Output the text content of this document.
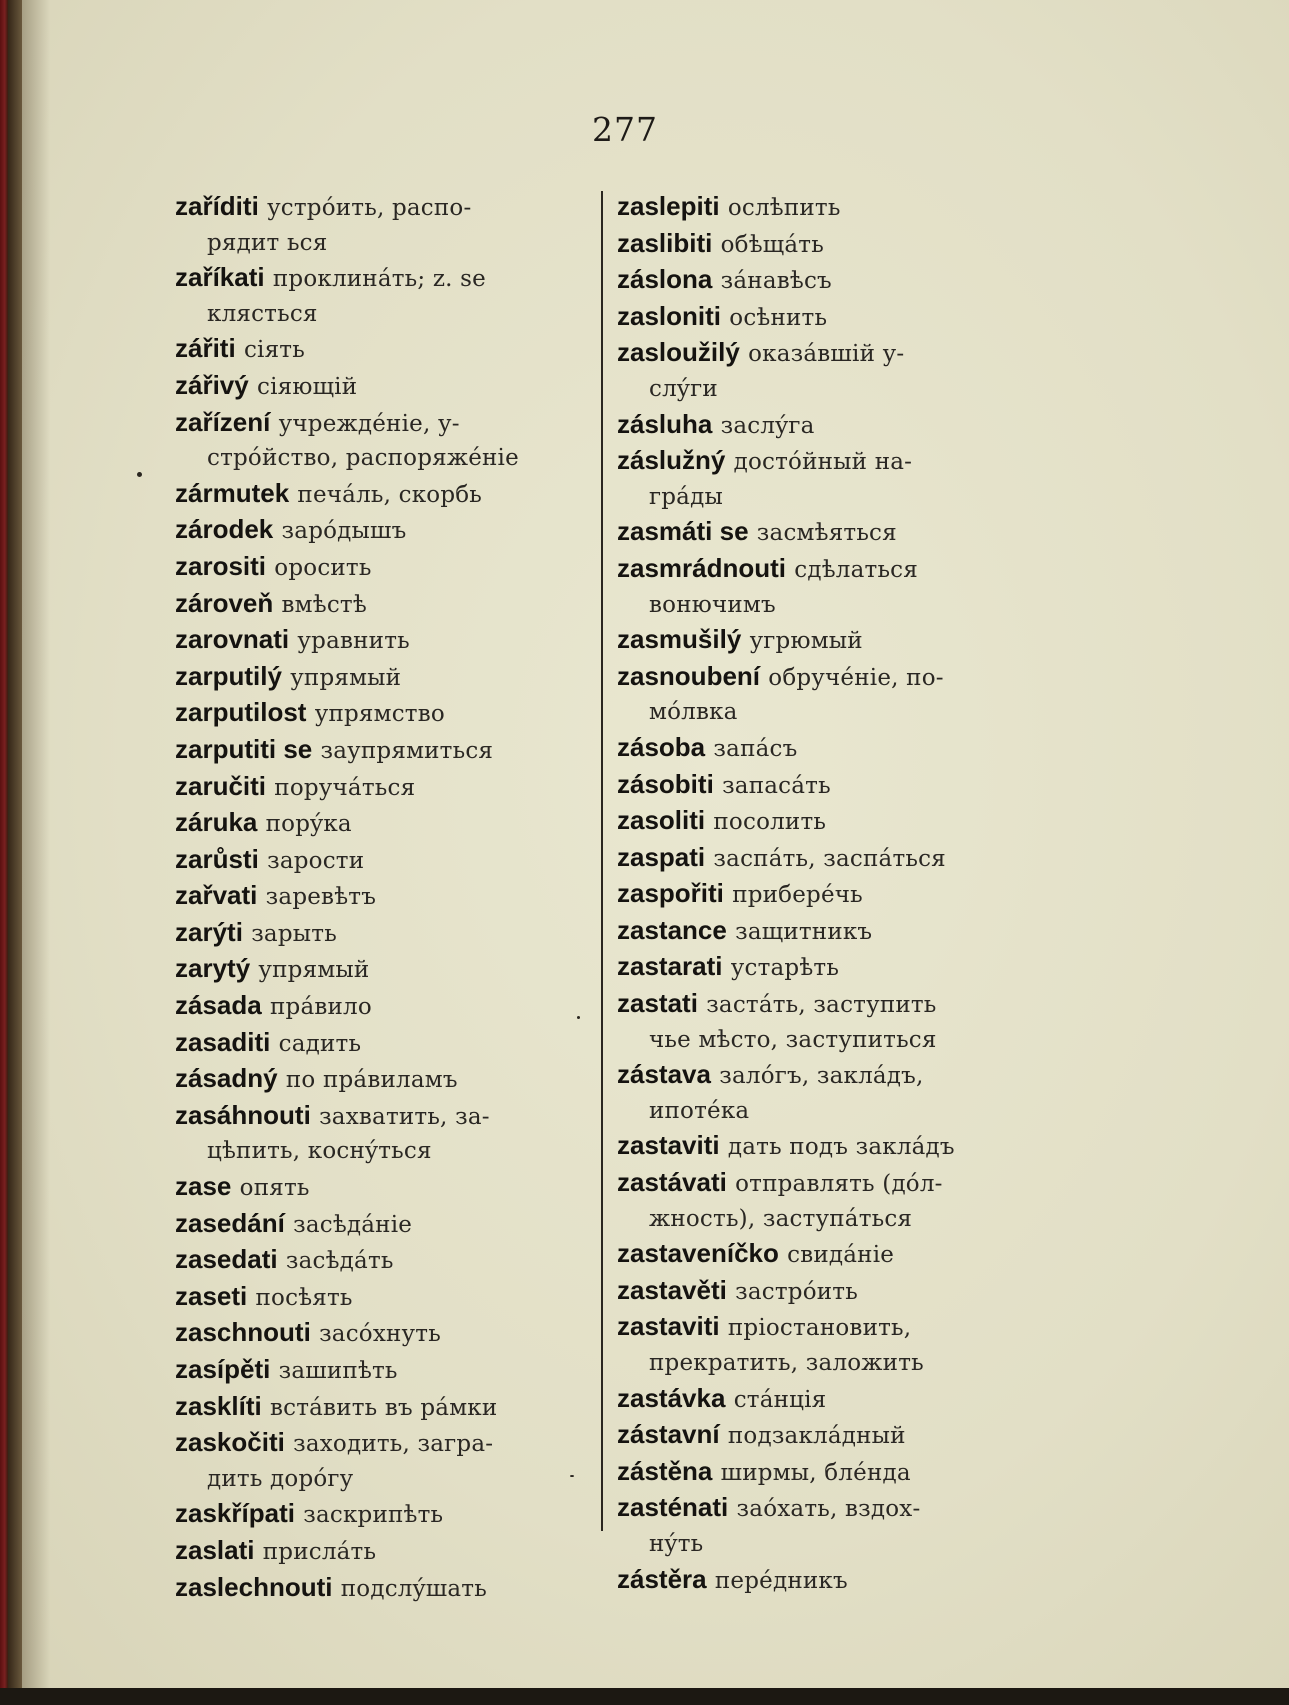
277
zaříditi устрóить, распо-
рядит ься
zaříkati проклинáть; z. se
клясться
zářiti сiять
zářivý сiяющiй
zařízení учреждéнiе, у-
стрóйство, распоряжéнiе
zármutek печáль, скорбь
zárodek зарóдышъ
zarositi оросить
zároveň вмѣстѣ
zarovnati уравнить
zarputilý упрямый
zarputilost упрямство
zarputiti se заупрямиться
zaručiti поручáться
záruka порýка
zarůsti зарости
zařvati заревѣтъ
zarýti зарыть
zarytý упрямый
zásada прáвило
zasaditi садить
zásadný по прáвиламъ
zasáhnouti захватить, за-
цѣпить, коснýться
zase опять
zasedání засѣдáнiе
zasedati засѣдáть
zaseti посѣять
zaschnouti засóхнуть
zasípěti зашипѣть
zasklíti встáвить въ рáмки
zaskočiti заходить, загра-
дить дорóгу
zaskřípati заскрипѣть
zaslati прислáть
zaslechnouti подслýшать
zaslepiti ослѣпить
zaslibiti обѣщáть
záslona зáнавѣсъ
zasloniti осѣнить
zasloužilý оказáвшiй у-
слýги
zásluha заслýга
záslužný достóйный на-
грáды
zasmáti se засмѣяться
zasmrádnouti сдѣлаться
вонючимъ
zasmušilý угрюмый
zasnoubení обручéнiе, по-
мóлвка
zásoba запáсъ
zásobiti запасáть
zasoliti посолить
zaspati заспáть, заспáться
zaspořiti приберéчь
zastance защитникъ
zastarati устарѣть
zastati застáть, заступить
чье мѣсто, заступиться
zástava залóгъ, заклáдъ,
ипотéка
zastaviti дать подъ заклáдъ
zastávati отправлять (дóл-
жность), заступáться
zastaveníčko свидáнiе
zastavěti застрóить
zastaviti прiостановить,
прекратить, заложить
zastávka стáнцiя
zástavní подзаклáдный
zástěna ширмы, блéнда
zasténati заóхать, вздох-
нýть
zástěra перéдникъ
